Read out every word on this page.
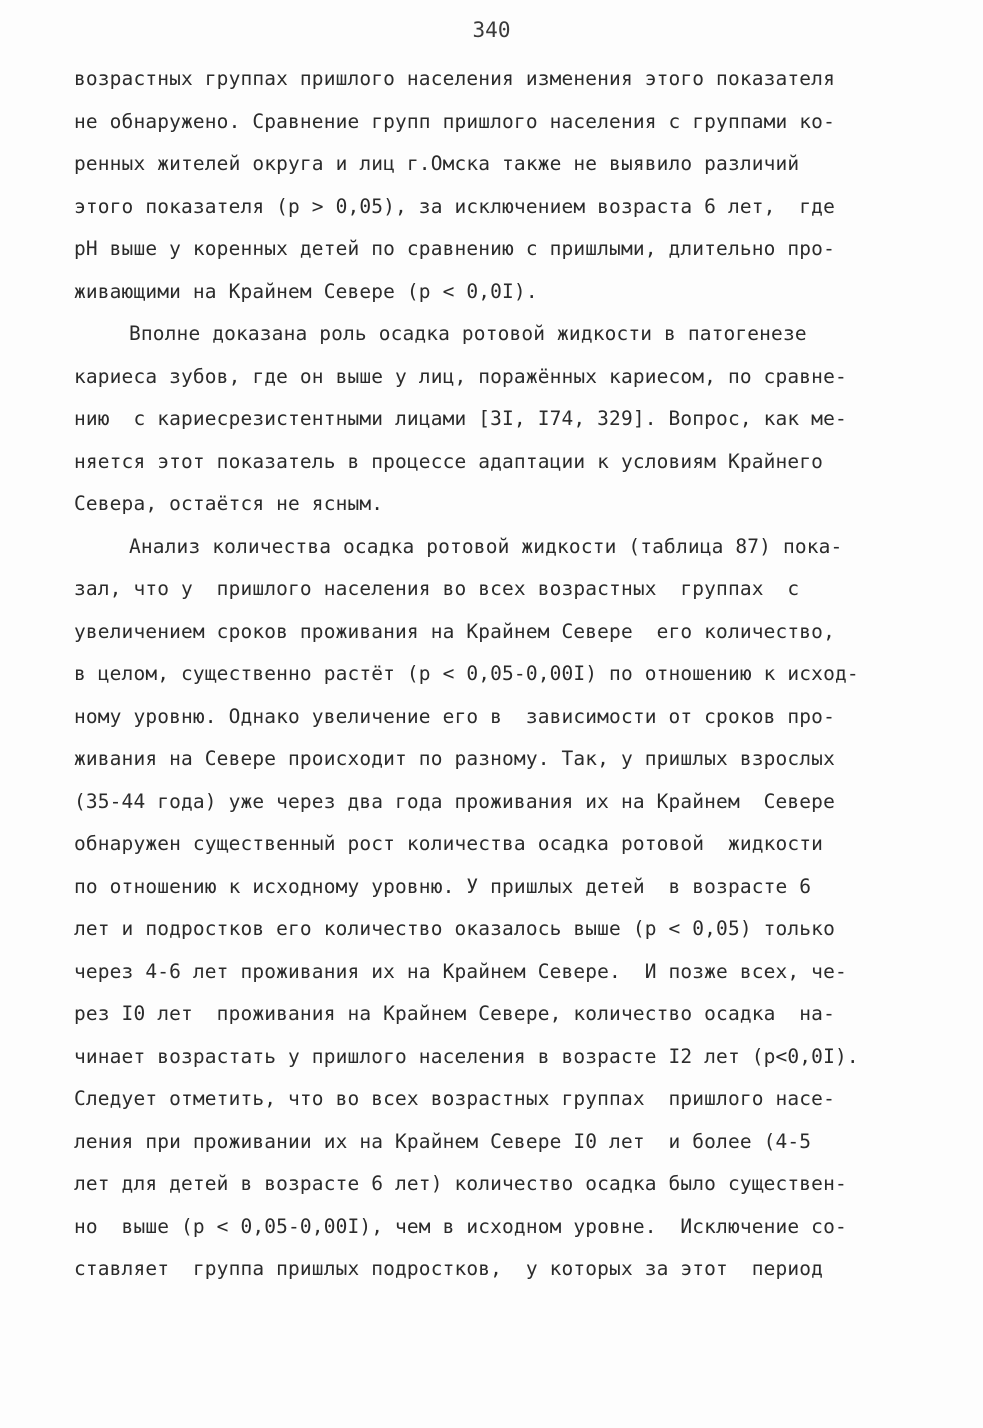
340
возрастных группах пришлого населения изменения этого показателя
не обнаружено. Сравнение групп пришлого населения с группами ко-
ренных жителей округа и лиц г.Омска также не выявило различий
этого показателя (р > 0,05), за исключением возраста 6 лет,  где
рН выше у коренных детей по сравнению с пришлыми, длительно про-
живающими на Крайнем Севере (р < 0,0I).
Вполне доказана роль осадка ротовой жидкости в патогенезе
кариеса зубов, где он выше у лиц, поражённых кариесом, по сравне-
нию  с кариесрезистентными лицами [3I, I74, 329]. Вопрос, как ме-
няется этот показатель в процессе адаптации к условиям Крайнего
Севера, остаётся не ясным.
Анализ количества осадка ротовой жидкости (таблица 87) пока-
зал, что у  пришлого населения во всех возрастных  группах  с
увеличением сроков проживания на Крайнем Севере  его количество,
в целом, существенно растёт (р < 0,05-0,00I) по отношению к исход-
ному уровню. Однако увеличение его в  зависимости от сроков про-
живания на Севере происходит по разному. Так, у пришлых взрослых
(35-44 года) уже через два года проживания их на Крайнем  Севере
обнаружен существенный рост количества осадка ротовой  жидкости
по отношению к исходному уровню. У пришлых детей  в возрасте 6
лет и подростков его количество оказалось выше (р < 0,05) только
через 4-6 лет проживания их на Крайнем Севере.  И позже всех, че-
рез I0 лет  проживания на Крайнем Севере, количество осадка  на-
чинает возрастать у пришлого населения в возрасте I2 лет (р<0,0I).
Следует отметить, что во всех возрастных группах  пришлого насе-
ления при проживании их на Крайнем Севере I0 лет  и более (4-5
лет для детей в возрасте 6 лет) количество осадка было существен-
но  выше (р < 0,05-0,00I), чем в исходном уровне.  Исключение со-
ставляет  группа пришлых подростков,  у которых за этот  период
